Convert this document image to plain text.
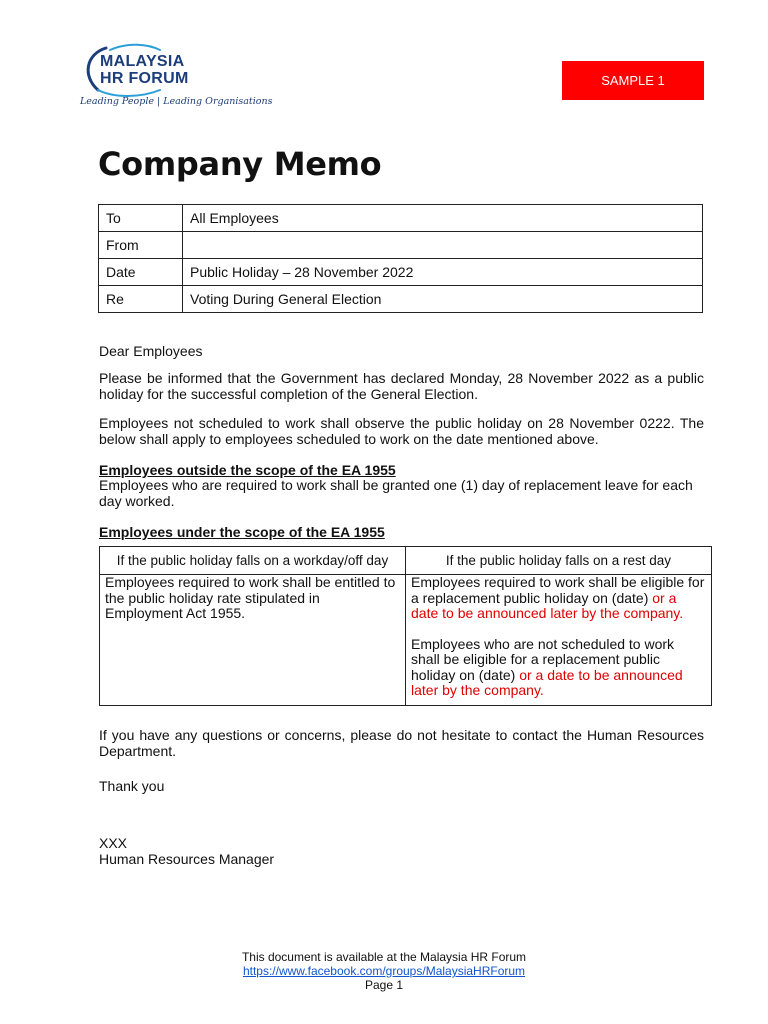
MALAYSIA
HR FORUM
Leading People | Leading Organisations
SAMPLE 1
Company Memo
To	All Employees
From	
Date	Public Holiday – 28 November 2022
Re	Voting During General Election
Dear Employees
Please be informed that the Government has declared Monday, 28 November 2022 as a public holiday for the successful completion of the General Election.
Employees not scheduled to work shall observe the public holiday on 28 November 0222. The below shall apply to employees scheduled to work on the date mentioned above.
Employees outside the scope of the EA 1955
Employees who are required to work shall be granted one (1) day of replacement leave for each day worked.
Employees under the scope of the EA 1955
If the public holiday falls on a workday/off day	If the public holiday falls on a rest day
Employees required to work shall be entitled to the public holiday rate stipulated in Employment Act 1955.	Employees required to work shall be eligible for a replacement public holiday on (date) or a date to be announced later by the company.
Employees who are not scheduled to work shall be eligible for a replacement public holiday on (date) or a date to be announced later by the company.
If you have any questions or concerns, please do not hesitate to contact the Human Resources Department.
Thank you
XXX
Human Resources Manager
This document is available at the Malaysia HR Forum
https://www.facebook.com/groups/MalaysiaHRForum
Page 1
